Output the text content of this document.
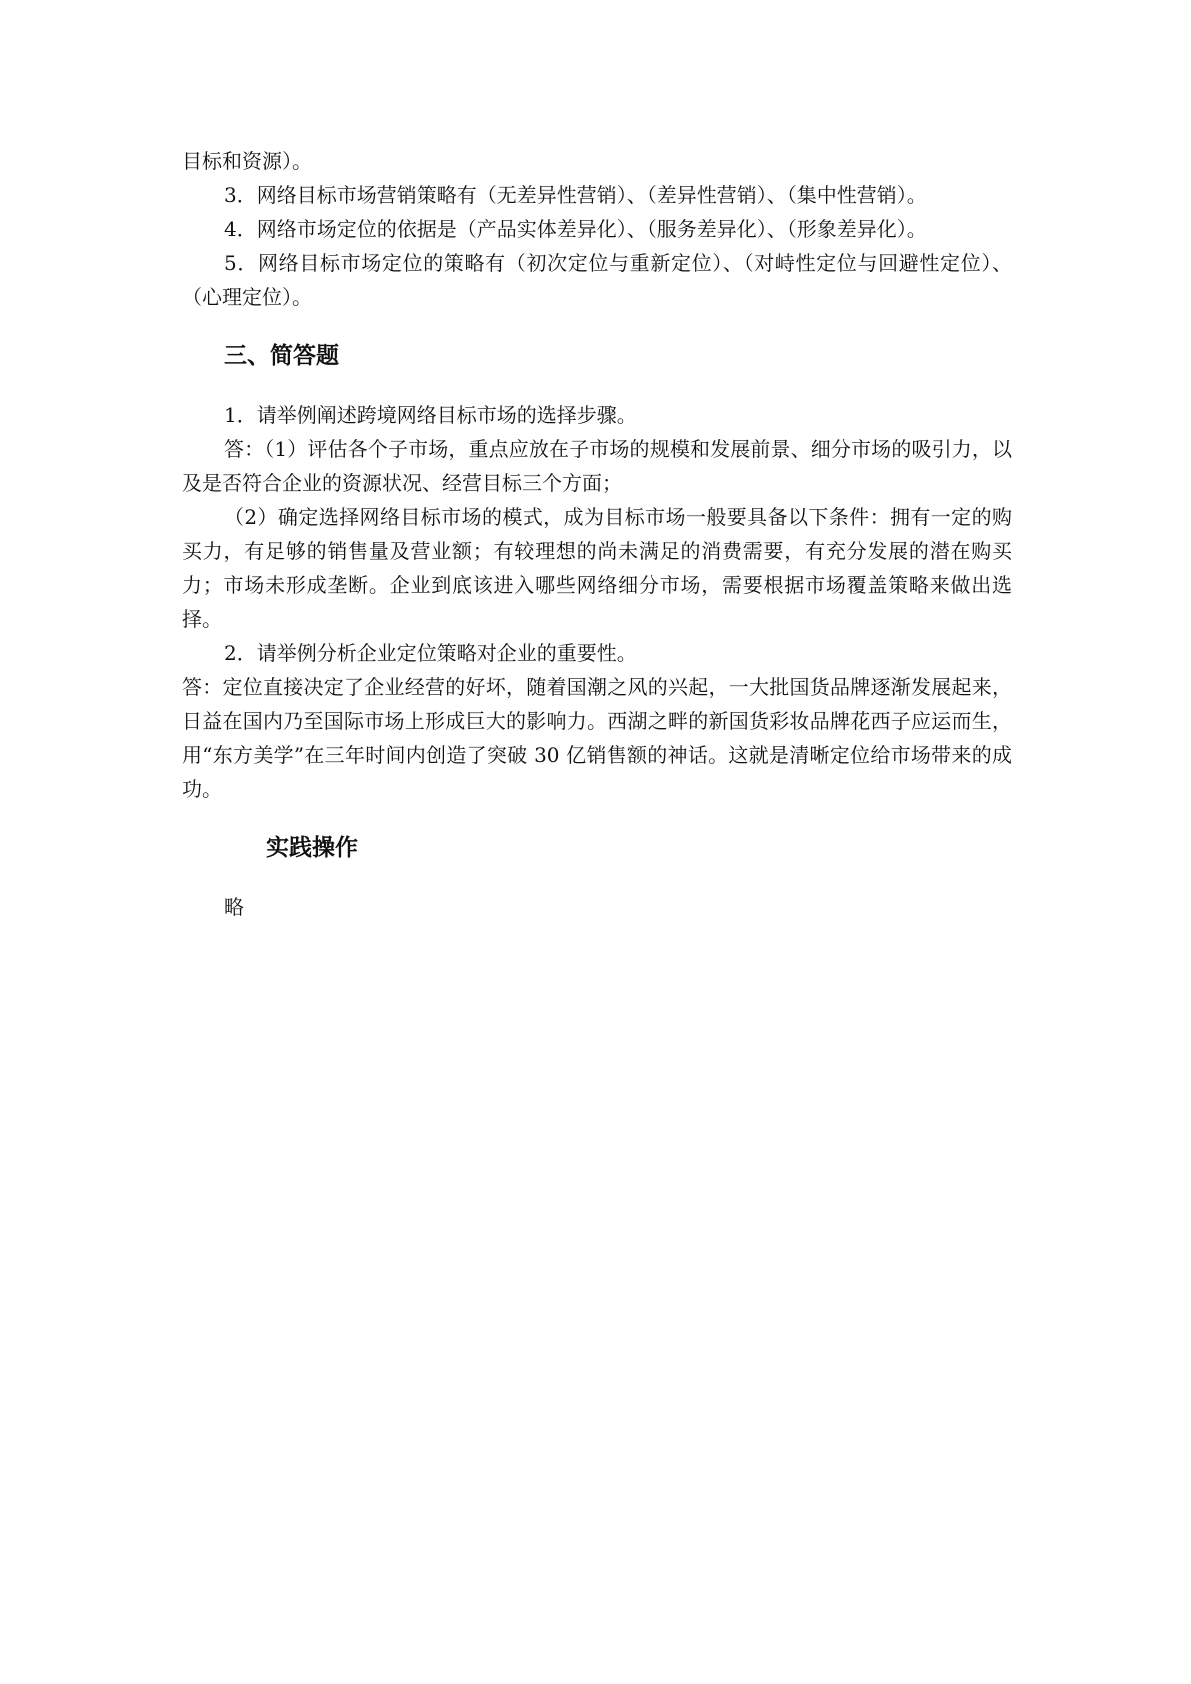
目标和资源）。

3．网络目标市场营销策略有（无差异性营销）、（差异性营销）、（集中性营销）。

4．网络市场定位的依据是（产品实体差异化）、（服务差异化）、（形象差异化）。

5．网络目标市场定位的策略有（初次定位与重新定位）、（对峙性定位与回避性定位）、（心理定位）。

三、简答题

1．请举例阐述跨境网络目标市场的选择步骤。

答：（1）评估各个子市场，重点应放在子市场的规模和发展前景、细分市场的吸引力，以及是否符合企业的资源状况、经营目标三个方面；

（2）确定选择网络目标市场的模式，成为目标市场一般要具备以下条件：拥有一定的购买力，有足够的销售量及营业额；有较理想的尚未满足的消费需要，有充分发展的潜在购买力；市场未形成垄断。企业到底该进入哪些网络细分市场，需要根据市场覆盖策略来做出选择。

2．请举例分析企业定位策略对企业的重要性。

答：定位直接决定了企业经营的好坏，随着国潮之风的兴起，一大批国货品牌逐渐发展起来，日益在国内乃至国际市场上形成巨大的影响力。西湖之畔的新国货彩妆品牌花西子应运而生，用“东方美学”在三年时间内创造了突破 30 亿销售额的神话。这就是清晰定位给市场带来的成功。

实践操作

略
